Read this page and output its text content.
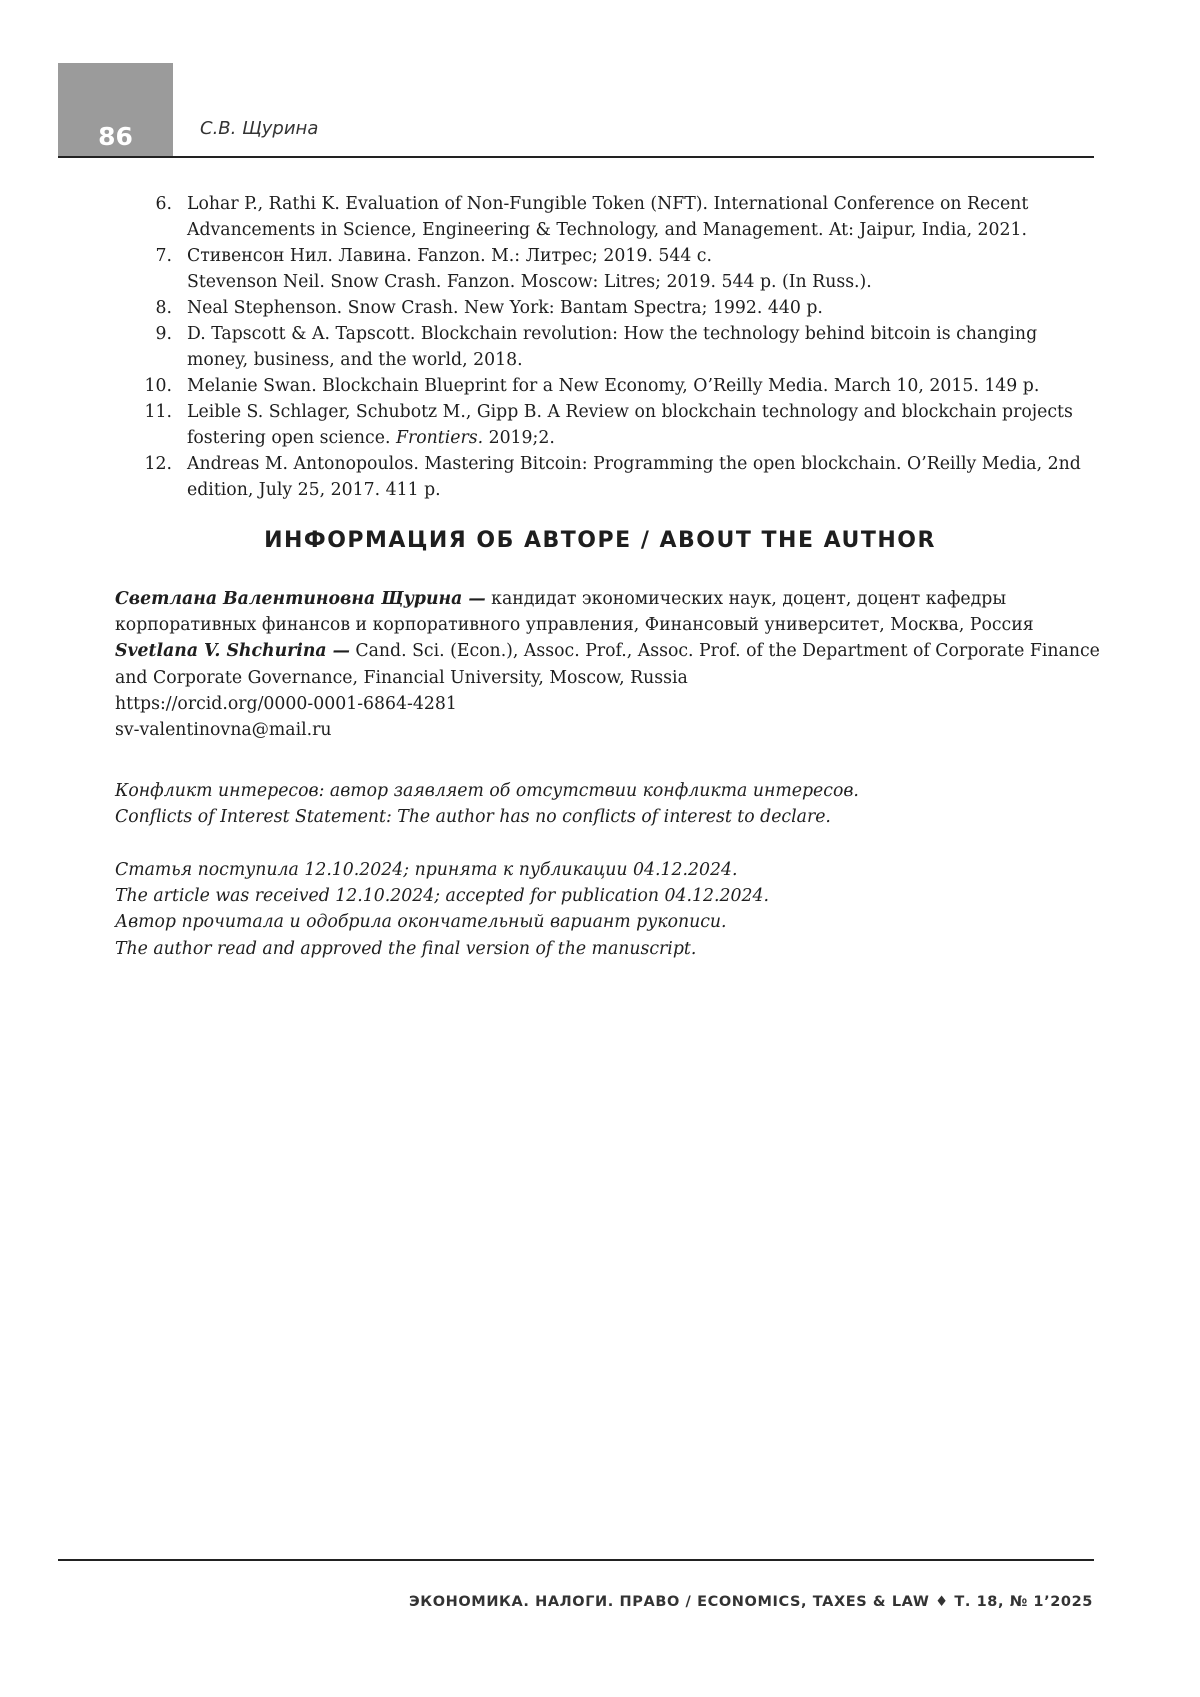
86	С.В. Щурина
6. Lohar P., Rathi K. Evaluation of Non-Fungible Token (NFT). International Conference on Recent Advancements in Science, Engineering & Technology, and Management. At: Jaipur, India, 2021.
7. Стивенсон Нил. Лавина. Fanzon. М.: Литрес; 2019. 544 с.
Stevenson Neil. Snow Crash. Fanzon. Moscow: Litres; 2019. 544 p. (In Russ.).
8. Neal Stephenson. Snow Crash. New York: Bantam Spectra; 1992. 440 p.
9. D. Tapscott & A. Tapscott. Blockchain revolution: How the technology behind bitcoin is changing money, business, and the world, 2018.
10. Melanie Swan. Blockchain Blueprint for a New Economy, O’Reilly Media. March 10, 2015. 149 p.
11. Leible S. Schlager, Schubotz M., Gipp B. A Review on blockchain technology and blockchain projects fostering open science. Frontiers. 2019;2.
12. Andreas M. Antonopoulos. Mastering Bitcoin: Programming the open blockchain. O’Reilly Media, 2nd edition, July 25, 2017. 411 p.
ИНФОРМАЦИЯ ОБ АВТОРЕ / ABOUT THE AUTHOR
Светлана Валентиновна Щурина — кандидат экономических наук, доцент, доцент кафедры корпоративных финансов и корпоративного управления, Финансовый университет, Москва, Россия
Svetlana V. Shchurina — Cand. Sci. (Econ.), Assoc. Prof., Assoc. Prof. of the Department of Corporate Finance and Corporate Governance, Financial University, Moscow, Russia
https://orcid.org/0000-0001-6864-4281
sv-valentinovna@mail.ru
Конфликт интересов: автор заявляет об отсутствии конфликта интересов.
Conflicts of Interest Statement: The author has no conflicts of interest to declare.
Статья поступила 12.10.2024; принята к публикации 04.12.2024.
The article was received 12.10.2024; accepted for publication 04.12.2024.
Автор прочитала и одобрила окончательный вариант рукописи.
The author read and approved the final version of the manuscript.
ЭКОНОМИКА. НАЛОГИ. ПРАВО / ECONOMICS, TAXES & LAW ♦ Т. 18, № 1’2025
